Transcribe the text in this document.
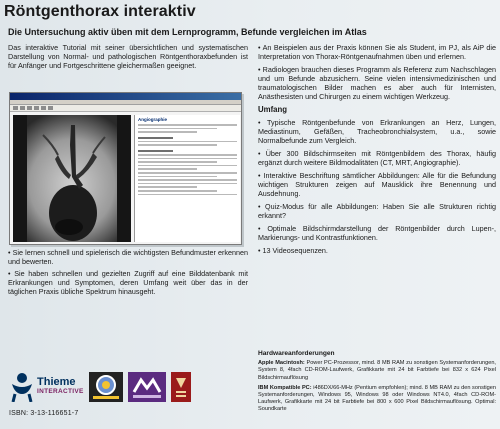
Röntgenthorax interaktiv
Die Untersuchung aktiv üben mit dem Lernprogramm, Befunde vergleichen im Atlas
Das interaktive Tutorial mit seiner übersichtlichen und systematischen Darstellung von Normal- und pathologischen Röntgenthoraxbefunden ist für Anfänger und Fortgeschrittene gleichermaßen geeignet.
Angiographie
• Sie lernen schnell und spielerisch die wichtigsten Befundmuster erkennen und bewerten.
• Sie haben schnellen und gezielten Zugriff auf eine Bilddatenbank mit Erkrankungen und Symptomen, deren Umfang weit über das in der täglichen Praxis übliche Spektrum hinausgeht.
• An Beispielen aus der Praxis können Sie als Student, im PJ, als AiP die Interpretation von Thorax-Röntgenaufnahmen üben und erlernen.
• Radiologen brauchen dieses Programm als Referenz zum Nachschlagen und um Befunde abzusichern. Seine vielen intensivmedizinischen und traumatologischen Bilder machen es aber auch für Internisten, Anästhesisten und Chirurgen zu einem wichtigen Werkzeug.
Umfang
• Typische Röntgenbefunde von Erkrankungen an Herz, Lungen, Mediastinum, Gefäßen, Tracheobronchialsystem, u.a., sowie Normalbefunde zum Vergleich.
• Über 300 Bildschirmseiten mit Röntgenbildern des Thorax, häufig ergänzt durch weitere Bildmodalitäten (CT, MRT, Angiographie).
• Interaktive Beschriftung sämtlicher Abbildungen: Alle für die Befundung wichtigen Strukturen zeigen auf Mausklick ihre Benennung und Ausdehnung.
• Quiz-Modus für alle Abbildungen: Haben Sie alle Strukturen richtig erkannt?
• Optimale Bildschirmdarstellung der Röntgenbilder durch Lupen-, Markierungs- und Kontrastfunktionen.
• 13 Videosequenzen.
Hardwareanforderungen

Apple Macintosh: Power PC-Prozessor, mind. 8 MB RAM zu sonstigen Systemanforderungen, System 8, 4fach CD-ROM-Laufwerk, Grafikkarte mit 24 bit Farbtiefe bei 832 x 624 Pixel Bildschirmauflösung

IBM Kompatible PC: i486DX/66-MHz (Pentium empfohlen); mind. 8 MB RAM zu den sonstigen Systemanforderungen, Windows 95, Windows 98 oder Windows NT4.0, 4fach CD-ROM-Laufwerk, Grafikkarte mit 24 bit Farbtiefe bei 800 x 600 Pixel Bildschirmauflösung. Optimal: Soundkarte

Thieme
INTERACTIVE
ISBN: 3-13-116651-7
